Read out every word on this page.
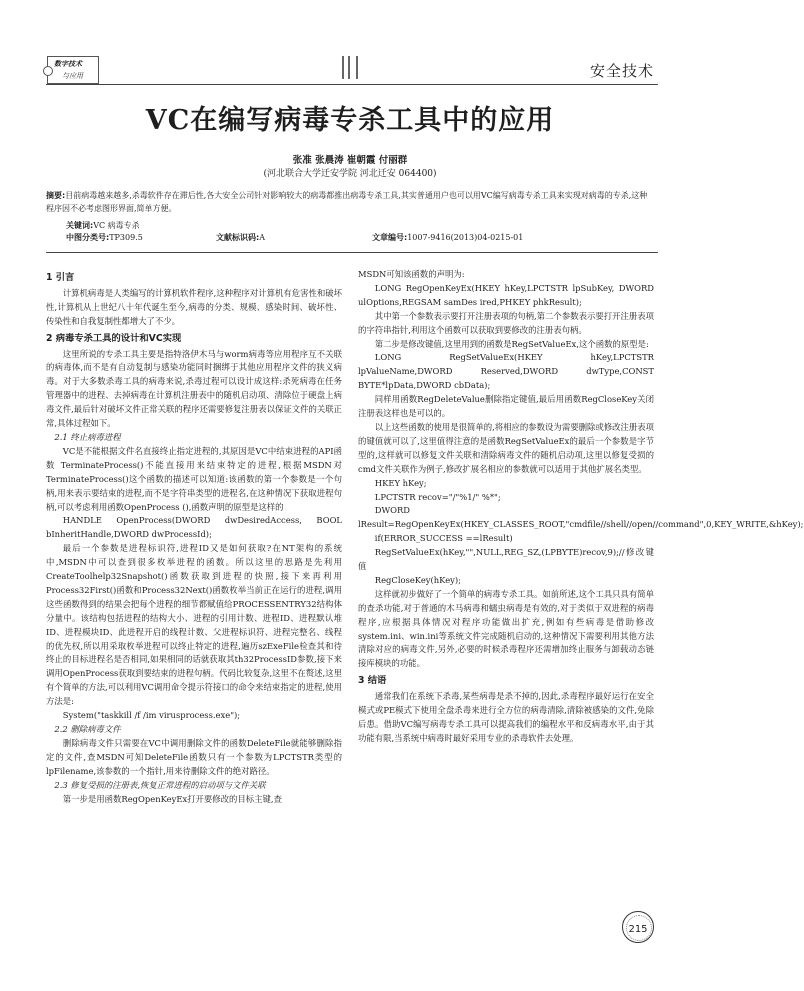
数字技术
与应用	安全技术
VC在编写病毒专杀工具中的应用
张准 张晨涛 崔朝霞 付丽群
(河北联合大学迁安学院 河北迁安 064400)
摘要:目前病毒越来越多,杀毒软件存在滞后性,各大安全公司针对影响较大的病毒都推出病毒专杀工具,其实普通用户也可以用VC编写病毒专杀工具来实现对病毒的专杀,这种程序因不必考虑图形界面,简单方便。
关键词:VC 病毒专杀
中图分类号:TP309.5	文献标识码:A	文章编号:1007-9416(2013)04-0215-01

1 引言

计算机病毒是人类编写的计算机软件程序,这种程序对计算机有危害性和破坏性,计算机从上世纪八十年代诞生至今,病毒的分类、规模、感染时间、破坏性、传染性和自我复制性都增大了不少。

2 病毒专杀工具的设计和VC实现

这里所说的专杀工具主要是指特洛伊木马与worm病毒等应用程序互不关联的病毒体,而不是有自动复制与感染功能同时捆绑于其他应用程序文件的狭义病毒。对于大多数杀毒工具的病毒来说,杀毒过程可以设计成这样:杀死病毒在任务管理器中的进程、去掉病毒在计算机注册表中的随机启动项、清除位于硬盘上病毒文件,最后针对破坏文件正常关联的程序还需要修复注册表以保证文件的关联正常,具体过程如下。

2.1 终止病毒进程

VC是不能根据文件名直接终止指定进程的,其原因是VC中结束进程的API函数 TerminateProcess()不能直接用来结束特定的进程,根据MSDN对TerminateProcess()这个函数的描述可以知道:该函数的第一个参数是一个句柄,用来表示要结束的进程,而不是字符串类型的进程名,在这种情况下获取进程句柄,可以考虑利用函数OpenProcess (),函数声明的原型是这样的

HANDLE OpenProcess(DWORD dwDesiredAccess, BOOL bInheritHandle,DWORD dwProcessId);

最后一个参数是进程标识符,进程ID又是如何获取?在NT架构的系统中,MSDN中可以查到很多枚举进程的函数。所以这里的思路是先利用CreateToolhelp32Snapshot()函数获取到进程的快照,接下来再利用Process32First()函数和Process32Next()函数枚举当前正在运行的进程,调用这些函数得到的结果会把每个进程的细节都赋值给PROCESSENTRY32结构体分量中。该结构包括进程的结构大小、进程的引用计数、进程ID、进程默认堆ID、进程模块ID、此进程开启的线程计数、父进程标识符、进程完整名、线程的优先权,所以用采取枚举进程可以终止特定的进程,遍历szExeFile检查其和待终止的目标进程名是否相同,如果相同的话就获取其th32ProcessID参数,接下来调用OpenProcess获取到要结束的进程句柄。代码比较复杂,这里不在赘述,这里有个简单的方法,可以利用VC调用命令提示符接口的命令来结束指定的进程,使用方法是:

System("taskkill /f /im virusprocess.exe");

2.2 删除病毒文件

删除病毒文件只需要在VC中调用删除文件的函数DeleteFile就能够删除指定的文件,查MSDN可知DeleteFile函数只有一个参数为LPCTSTR类型的lpFilename,该参数的一个指针,用来待删除文件的绝对路径。

2.3 修复受损的注册表,恢复正常进程的启动项与文件关联

第一步是用函数RegOpenKeyEx打开要修改的目标主键,查

MSDN可知该函数的声明为:

LONG RegOpenKeyEx(HKEY hKey,LPCTSTR lpSubKey, DWORD ulOptions,REGSAM samDes ired,PHKEY phkResult);

其中第一个参数表示要打开注册表项的句柄,第二个参数表示要打开注册表项的字符串指针,利用这个函数可以获取到要修改的注册表句柄。

第二步是修改键值,这里用到的函数是RegSetValueEx,这个函数的原型是:

LONG RegSetValueEx(HKEY hKey,LPCTSTR lpValueName,DWORD Reserved,DWORD dwType,CONST BYTE*lpData,DWORD cbData);

同样用函数RegDeleteValue删除指定键值,最后用函数RegCloseKey关闭注册表这样也是可以的。

以上这些函数的使用是很简单的,将相应的参数设为需要删除或修改注册表项的键值就可以了,这里值得注意的是函数RegSetValueEx的最后一个参数是字节型的,这样就可以修复文件关联和清除病毒文件的随机启动项,这里以修复受损的cmd文件关联作为例子,修改扩展名相应的参数就可以适用于其他扩展名类型。

HKEY hKey;

LPCTSTR recov="/"%1/" %*";

DWORD lResult=RegOpenKeyEx(HKEY_CLASSES_ROOT,"cmdfile//shell//open//command",0,KEY_WRITE,&hKey);

if(ERROR_SUCCESS ==lResult)

RegSetValueEx(hKey,"",NULL,REG_SZ,(LPBYTE)recov,9);//修改键值

RegCloseKey(hKey);

这样就初步做好了一个简单的病毒专杀工具。如前所述,这个工具只具有简单的查杀功能,对于普通的木马病毒和蠕虫病毒是有效的,对于类似于双进程的病毒程序,应根据具体情况对程序功能做出扩充,例如有些病毒是借助修改system.ini、win.ini等系统文件完成随机启动的,这种情况下需要利用其他方法清除对应的病毒文件,另外,必要的时候杀毒程序还需增加终止服务与卸载动态链接库模块的功能。

3 结语

通常我们在系统下杀毒,某些病毒是杀不掉的,因此,杀毒程序最好运行在安全模式或PE模式下使用全盘杀毒来进行全方位的病毒清除,清除被感染的文件,免除后患。借助VC编写病毒专杀工具可以提高我们的编程水平和反病毒水平,由于其功能有限,当系统中病毒时最好采用专业的杀毒软件去处理。

215
